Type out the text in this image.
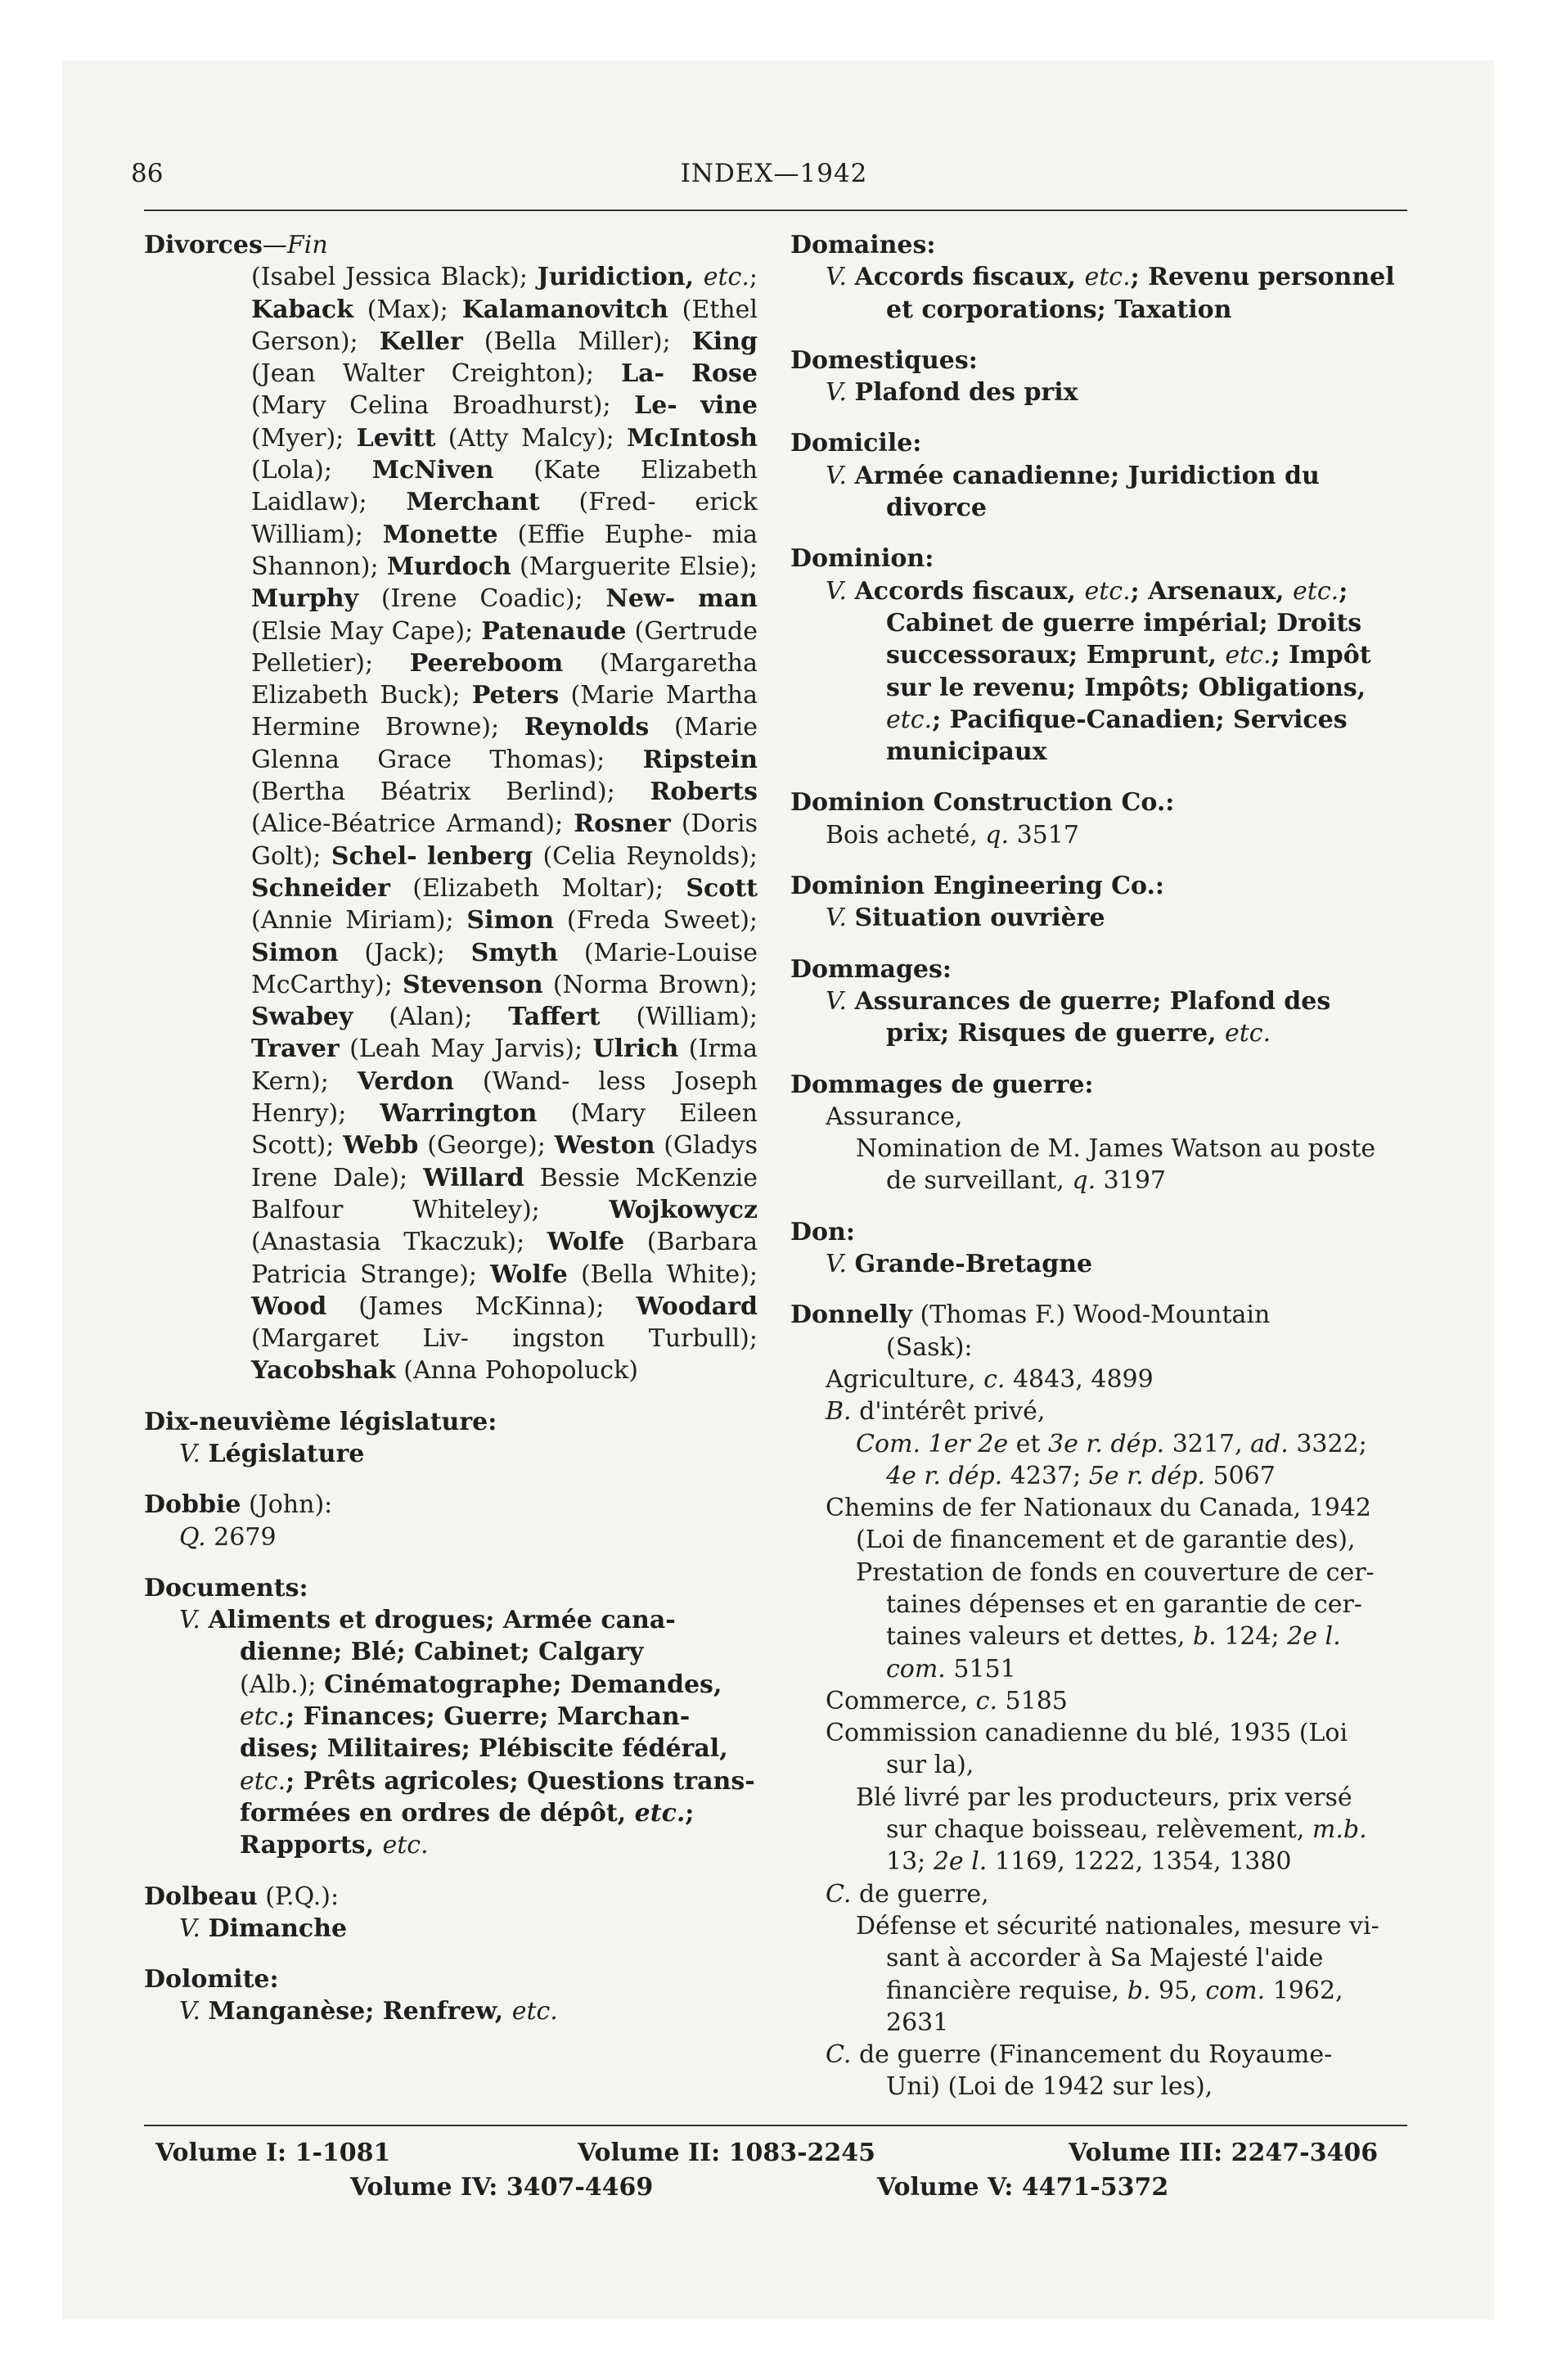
86	INDEX—1942

Divorces—Fin

(Isabel Jessica Black); Juridiction, etc.; Kaback (Max); Kalamanovitch (Ethel Gerson); Keller (Bella Miller); King (Jean Walter Creighton); La- Rose (Mary Celina Broadhurst); Le- vine (Myer); Levitt (Atty Malcy); McIntosh (Lola); McNiven (Kate Elizabeth Laidlaw); Merchant (Fred- erick William); Monette (Effie Euphe- mia Shannon); Murdoch (Marguerite Elsie); Murphy (Irene Coadic); New- man (Elsie May Cape); Patenaude (Gertrude Pelletier); Peereboom (Margaretha Elizabeth Buck); Peters (Marie Martha Hermine Browne); Reynolds (Marie Glenna Grace Thomas); Ripstein (Bertha Béatrix Berlind); Roberts (Alice-Béatrice Armand); Rosner (Doris Golt); Schel- lenberg (Celia Reynolds); Schneider (Elizabeth Moltar); Scott (Annie Miriam); Simon (Freda Sweet); Simon (Jack); Smyth (Marie-Louise McCarthy); Stevenson (Norma Brown); Swabey (Alan); Taffert (William); Traver (Leah May Jarvis); Ulrich (Irma Kern); Verdon (Wand- less Joseph Henry); Warrington (Mary Eileen Scott); Webb (George); Weston (Gladys Irene Dale); Willard Bessie McKenzie Balfour Whiteley);	Wojkowycz (Anastasia Tkaczuk); Wolfe (Barbara Patricia Strange); Wolfe (Bella White); Wood (James McKinna); Woodard (Margaret Liv- ingston Turbull); Yacobshak (Anna Pohopoluck)

Dix-neuvième législature:

V. Législature

Dobbie (John):

Q. 2679

Documents:

V. Aliments et drogues; Armée cana-

dienne; Blé; Cabinet; Calgary

(Alb.); Cinématographe; Demandes,

etc.; Finances; Guerre; Marchan-

dises; Militaires; Plébiscite fédéral,

etc.; Prêts agricoles; Questions trans-

formées en ordres de dépôt, etc.;

Rapports, etc.

Dolbeau (P.Q.):

V. Dimanche

Dolomite:

V. Manganèse; Renfrew, etc.

Domaines:

V. Accords fiscaux, etc.; Revenu personnel

et corporations; Taxation

Domestiques:

V. Plafond des prix

Domicile:

V. Armée canadienne; Juridiction du

divorce

Dominion:

V. Accords fiscaux, etc.; Arsenaux, etc.;

Cabinet de guerre impérial; Droits

successoraux; Emprunt, etc.; Impôt

sur le revenu; Impôts; Obligations,

etc.; Pacifique-Canadien; Services

municipaux

Dominion Construction Co.:

Bois acheté, q. 3517

Dominion Engineering Co.:

V. Situation ouvrière

Dommages:

V. Assurances de guerre; Plafond des

prix; Risques de guerre, etc.

Dommages de guerre:

Assurance,

Nomination de M. James Watson au poste

de surveillant, q. 3197

Don:

V. Grande-Bretagne

Donnelly (Thomas F.) Wood-Mountain

(Sask):

Agriculture, c. 4843, 4899

B. d'intérêt privé,

Com. 1er 2e et 3e r. dép. 3217, ad. 3322;

4e r. dép. 4237; 5e r. dép. 5067

Chemins de fer Nationaux du Canada, 1942

(Loi de financement et de garantie des),

Prestation de fonds en couverture de cer-

taines dépenses et en garantie de cer-

taines valeurs et dettes, b. 124; 2e l.

com. 5151

Commerce, c. 5185

Commission canadienne du blé, 1935 (Loi

sur la),

Blé livré par les producteurs, prix versé

sur chaque boisseau, relèvement, m.b.

13; 2e l. 1169, 1222, 1354, 1380

C. de guerre,

Défense et sécurité nationales, mesure vi-

sant à accorder à Sa Majesté l'aide

financière requise, b. 95, com. 1962,

2631

C. de guerre (Financement du Royaume-

Uni) (Loi de 1942 sur les),

Volume I: 1-1081	Volume II: 1083-2245	Volume III: 2247-3406
Volume IV: 3407-4469	Volume V: 4471-5372
